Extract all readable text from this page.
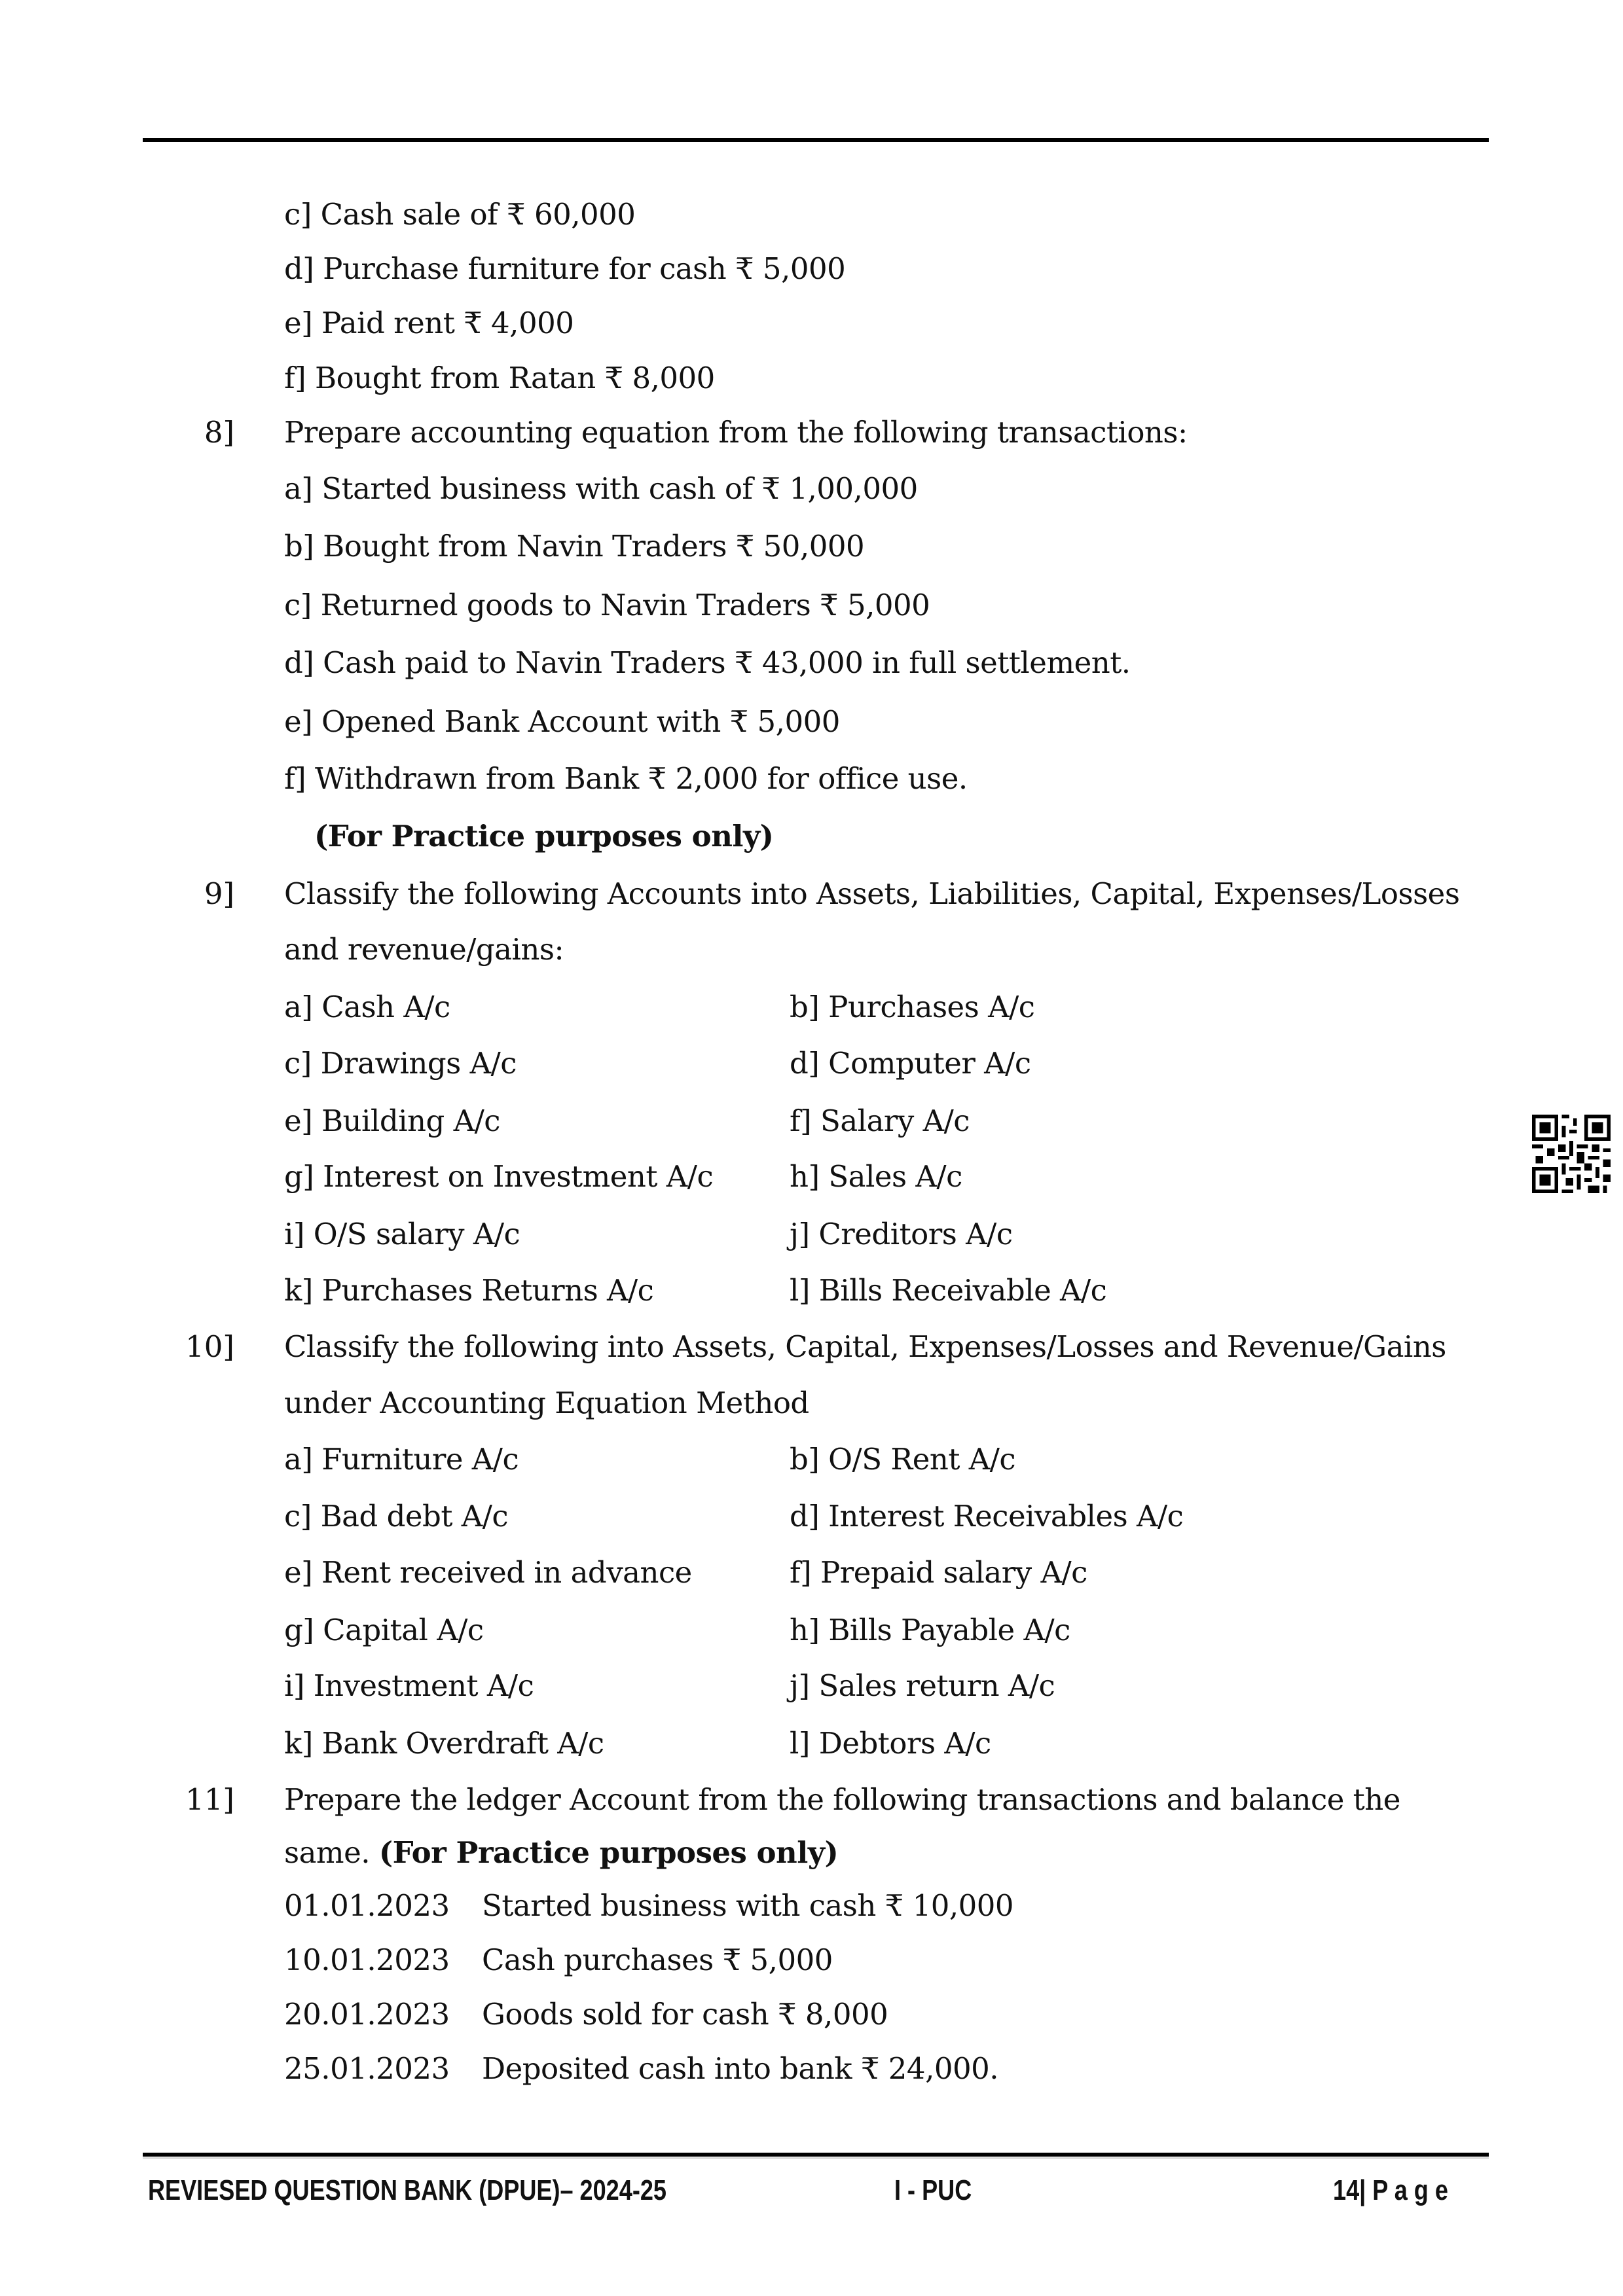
c] Cash sale of ₹ 60,000
d] Purchase furniture for cash ₹ 5,000
e] Paid rent ₹ 4,000
f] Bought from Ratan ₹ 8,000
8] Prepare accounting equation from the following transactions:
a] Started business with cash of ₹ 1,00,000
b] Bought from Navin Traders ₹ 50,000
c] Returned goods to Navin Traders ₹ 5,000
d] Cash paid to Navin Traders ₹ 43,000 in full settlement.
e] Opened Bank Account with ₹ 5,000
f] Withdrawn from Bank ₹ 2,000 for office use.
(For Practice purposes only)
9] Classify the following Accounts into Assets, Liabilities, Capital, Expenses/Losses
and revenue/gains:
a] Cash A/c	b] Purchases A/c
c] Drawings A/c	d] Computer A/c
e] Building A/c	f] Salary A/c
g] Interest on Investment A/c	h] Sales A/c
i] O/S salary A/c	j] Creditors A/c
k] Purchases Returns A/c	l] Bills Receivable A/c
10] Classify the following into Assets, Capital, Expenses/Losses and Revenue/Gains
under Accounting Equation Method
a] Furniture A/c	b] O/S Rent A/c
c] Bad debt A/c	d] Interest Receivables A/c
e] Rent received in advance	f] Prepaid salary A/c
g] Capital A/c	h] Bills Payable A/c
i] Investment A/c	j] Sales return A/c
k] Bank Overdraft A/c	l] Debtors A/c
11] Prepare the ledger Account from the following transactions and balance the
same. (For Practice purposes only)
01.01.2023 Started business with cash ₹ 10,000
10.01.2023 Cash purchases ₹ 5,000
20.01.2023 Goods sold for cash ₹ 8,000
25.01.2023 Deposited cash into bank ₹ 24,000.
REVIESED QUESTION BANK (DPUE)– 2024-25	I - PUC	14| P a g e
